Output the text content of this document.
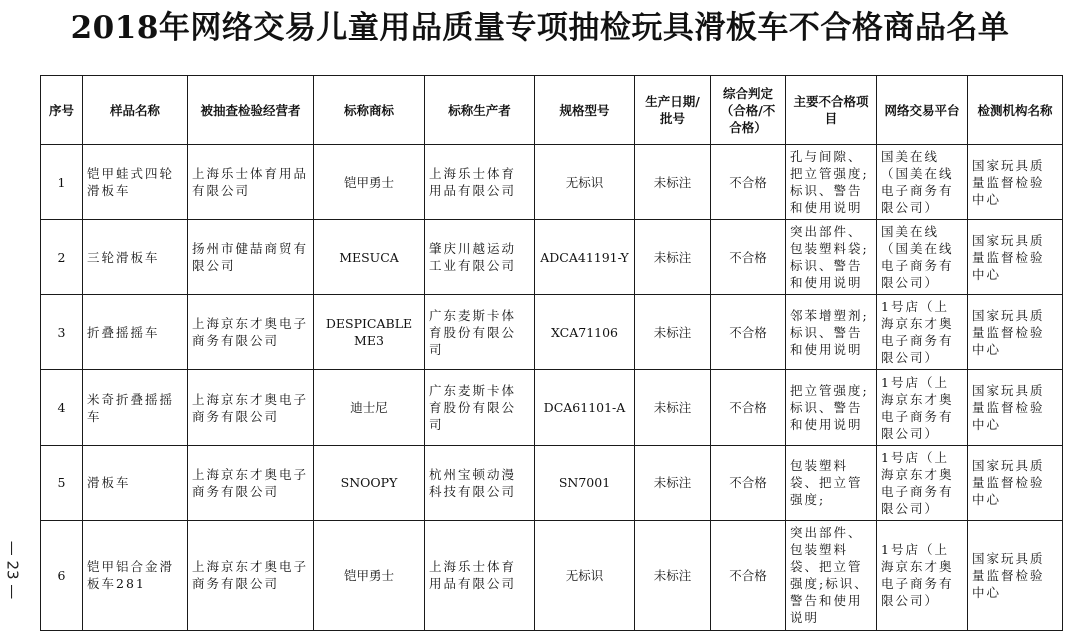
2018年网络交易儿童用品质量专项抽检玩具滑板车不合格商品名单
序号	样品名称	被抽查检验经营者	标称商标	标称生产者	规格型号	生产日期/批号	综合判定（合格/不合格）	主要不合格项目	网络交易平台	检测机构名称
1	铠甲蛙式四轮滑板车	上海乐士体育用品有限公司	铠甲勇士	上海乐士体育用品有限公司	无标识	未标注	不合格	孔与间隙、把立管强度;标识、警告和使用说明	国美在线（国美在线电子商务有限公司）	国家玩具质量监督检验中心
2	三轮滑板车	扬州市健喆商贸有限公司	MESUCA	肇庆川越运动工业有限公司	ADCA41191-Y	未标注	不合格	突出部件、包装塑料袋;标识、警告和使用说明	国美在线（国美在线电子商务有限公司）	国家玩具质量监督检验中心
3	折叠摇摇车	上海京东才奥电子商务有限公司	DESPICABLE ME3	广东麦斯卡体育股份有限公司	XCA71106	未标注	不合格	邻苯增塑剂;标识、警告和使用说明	1号店（上海京东才奥电子商务有限公司）	国家玩具质量监督检验中心
4	米奇折叠摇摇车	上海京东才奥电子商务有限公司	迪士尼	广东麦斯卡体育股份有限公司	DCA61101-A	未标注	不合格	把立管强度;标识、警告和使用说明	1号店（上海京东才奥电子商务有限公司）	国家玩具质量监督检验中心
5	滑板车	上海京东才奥电子商务有限公司	SNOOPY	杭州宝顿动漫科技有限公司	SN7001	未标注	不合格	包装塑料袋、把立管强度;	1号店（上海京东才奥电子商务有限公司）	国家玩具质量监督检验中心
6	铠甲铝合金滑板车281	上海京东才奥电子商务有限公司	铠甲勇士	上海乐士体育用品有限公司	无标识	未标注	不合格	突出部件、包装塑料袋、把立管强度;标识、警告和使用说明	1号店（上海京东才奥电子商务有限公司）	国家玩具质量监督检验中心
— 23 —
